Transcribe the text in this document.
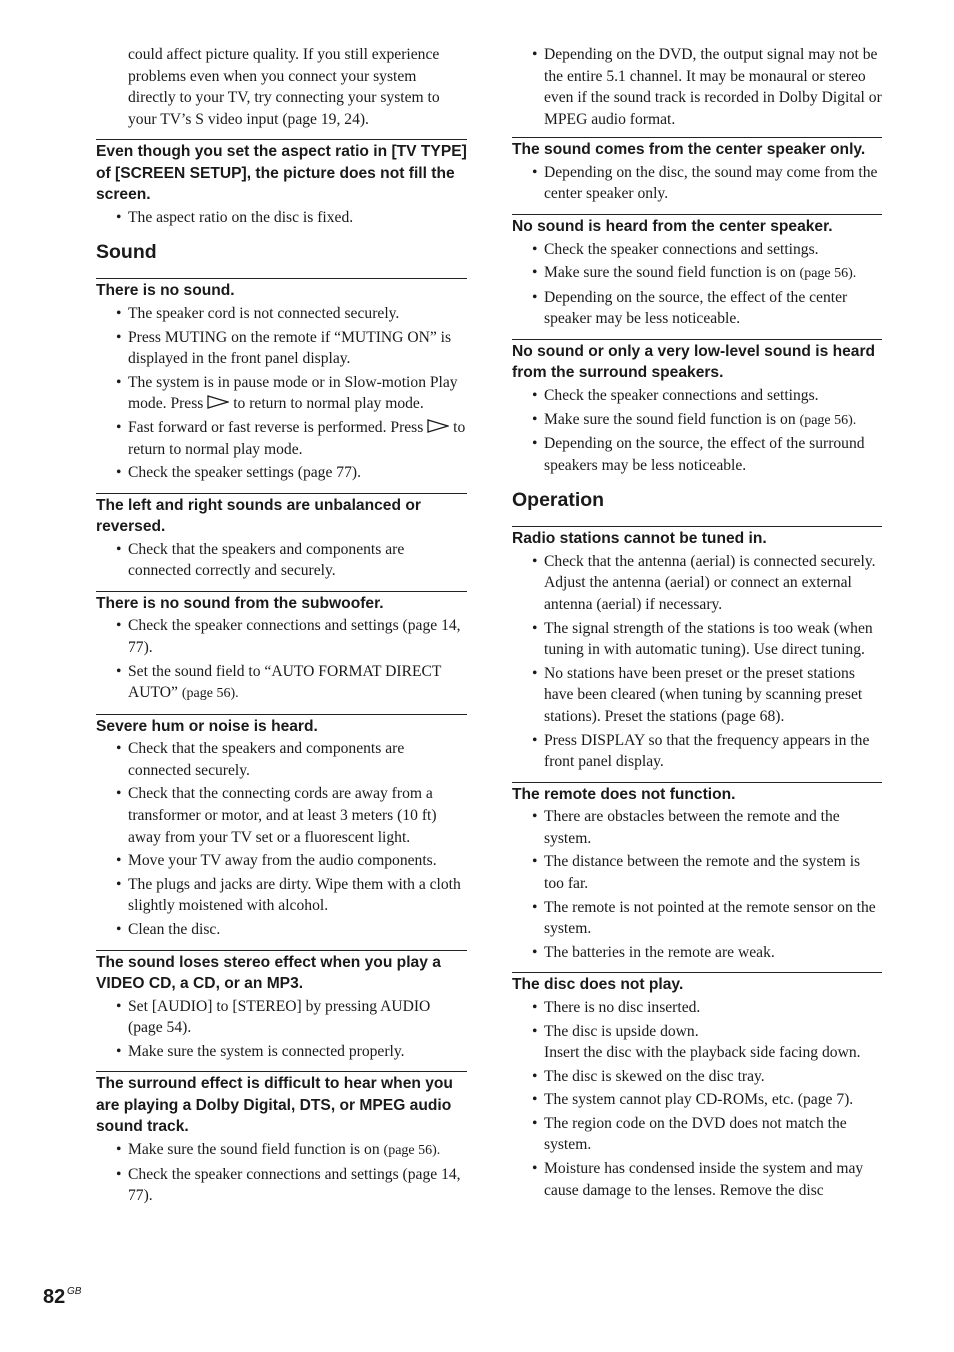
could affect picture quality. If you still experience problems even when you connect your system directly to your TV, try connecting your system to your TV’s S video input (page 19, 24).

Even though you set the aspect ratio in [TV TYPE] of [SCREEN SETUP], the picture does not fill the screen.
• The aspect ratio on the disc is fixed.
Sound
There is no sound.
• The speaker cord is not connected securely.
• Press MUTING on the remote if “MUTING ON” is displayed in the front panel display.
• The system is in pause mode or in Slow-motion Play mode. Press to return to normal play mode.
• Fast forward or fast reverse is performed. Press to return to normal play mode.
• Check the speaker settings (page 77).
The left and right sounds are unbalanced or reversed.
• Check that the speakers and components are connected correctly and securely.
There is no sound from the subwoofer.
• Check the speaker connections and settings (page 14, 77).
• Set the sound field to “AUTO FORMAT DIRECT AUTO” (page 56).
Severe hum or noise is heard.
• Check that the speakers and components are connected securely.
• Check that the connecting cords are away from a transformer or motor, and at least 3 meters (10 ft) away from your TV set or a fluorescent light.
• Move your TV away from the audio components.
• The plugs and jacks are dirty. Wipe them with a cloth slightly moistened with alcohol.
• Clean the disc.
The sound loses stereo effect when you play a VIDEO CD, a CD, or an MP3.
• Set [AUDIO] to [STEREO] by pressing AUDIO (page 54).
• Make sure the system is connected properly.
The surround effect is difficult to hear when you are playing a Dolby Digital, DTS, or MPEG audio sound track.
• Make sure the sound field function is on (page 56).
• Check the speaker connections and settings (page 14, 77).
• Depending on the DVD, the output signal may not be the entire 5.1 channel. It may be monaural or stereo even if the sound track is recorded in Dolby Digital or MPEG audio format.
The sound comes from the center speaker only.
• Depending on the disc, the sound may come from the center speaker only.
No sound is heard from the center speaker.
• Check the speaker connections and settings.
• Make sure the sound field function is on (page 56).
• Depending on the source, the effect of the center speaker may be less noticeable.
No sound or only a very low-level sound is heard from the surround speakers.
• Check the speaker connections and settings.
• Make sure the sound field function is on (page 56).
• Depending on the source, the effect of the surround speakers may be less noticeable.
Operation
Radio stations cannot be tuned in.
• Check that the antenna (aerial) is connected securely. Adjust the antenna (aerial) or connect an external antenna (aerial) if necessary.
• The signal strength of the stations is too weak (when tuning in with automatic tuning). Use direct tuning.
• No stations have been preset or the preset stations have been cleared (when tuning by scanning preset stations). Preset the stations (page 68).
• Press DISPLAY so that the frequency appears in the front panel display.
The remote does not function.
• There are obstacles between the remote and the system.
• The distance between the remote and the system is too far.
• The remote is not pointed at the remote sensor on the system.
• The batteries in the remote are weak.
The disc does not play.
• There is no disc inserted.
• The disc is upside down.
Insert the disc with the playback side facing down.
• The disc is skewed on the disc tray.
• The system cannot play CD-ROMs, etc. (page 7).
• The region code on the DVD does not match the system.
• Moisture has condensed inside the system and may cause damage to the lenses. Remove the disc
82 GB
